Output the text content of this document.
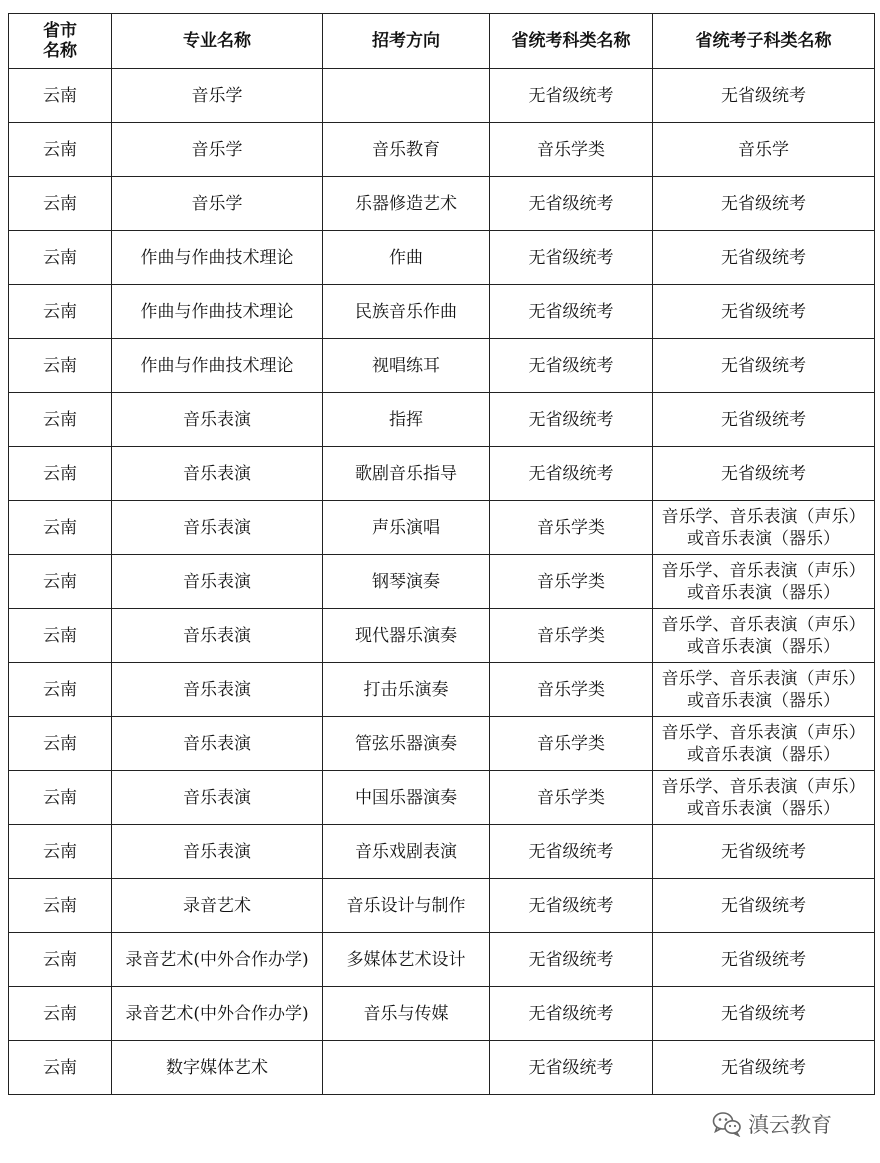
省市名称	专业名称	招考方向	省统考科类名称	省统考子科类名称
云南	音乐学		无省级统考	无省级统考
云南	音乐学	音乐教育	音乐学类	音乐学
云南	音乐学	乐器修造艺术	无省级统考	无省级统考
云南	作曲与作曲技术理论	作曲	无省级统考	无省级统考
云南	作曲与作曲技术理论	民族音乐作曲	无省级统考	无省级统考
云南	作曲与作曲技术理论	视唱练耳	无省级统考	无省级统考
云南	音乐表演	指挥	无省级统考	无省级统考
云南	音乐表演	歌剧音乐指导	无省级统考	无省级统考
云南	音乐表演	声乐演唱	音乐学类	音乐学、音乐表演（声乐）或音乐表演（器乐）
云南	音乐表演	钢琴演奏	音乐学类	音乐学、音乐表演（声乐）或音乐表演（器乐）
云南	音乐表演	现代器乐演奏	音乐学类	音乐学、音乐表演（声乐）或音乐表演（器乐）
云南	音乐表演	打击乐演奏	音乐学类	音乐学、音乐表演（声乐）或音乐表演（器乐）
云南	音乐表演	管弦乐器演奏	音乐学类	音乐学、音乐表演（声乐）或音乐表演（器乐）
云南	音乐表演	中国乐器演奏	音乐学类	音乐学、音乐表演（声乐）或音乐表演（器乐）
云南	音乐表演	音乐戏剧表演	无省级统考	无省级统考
云南	录音艺术	音乐设计与制作	无省级统考	无省级统考
云南	录音艺术(中外合作办学)	多媒体艺术设计	无省级统考	无省级统考
云南	录音艺术(中外合作办学)	音乐与传媒	无省级统考	无省级统考
云南	数字媒体艺术		无省级统考	无省级统考
滇云教育
